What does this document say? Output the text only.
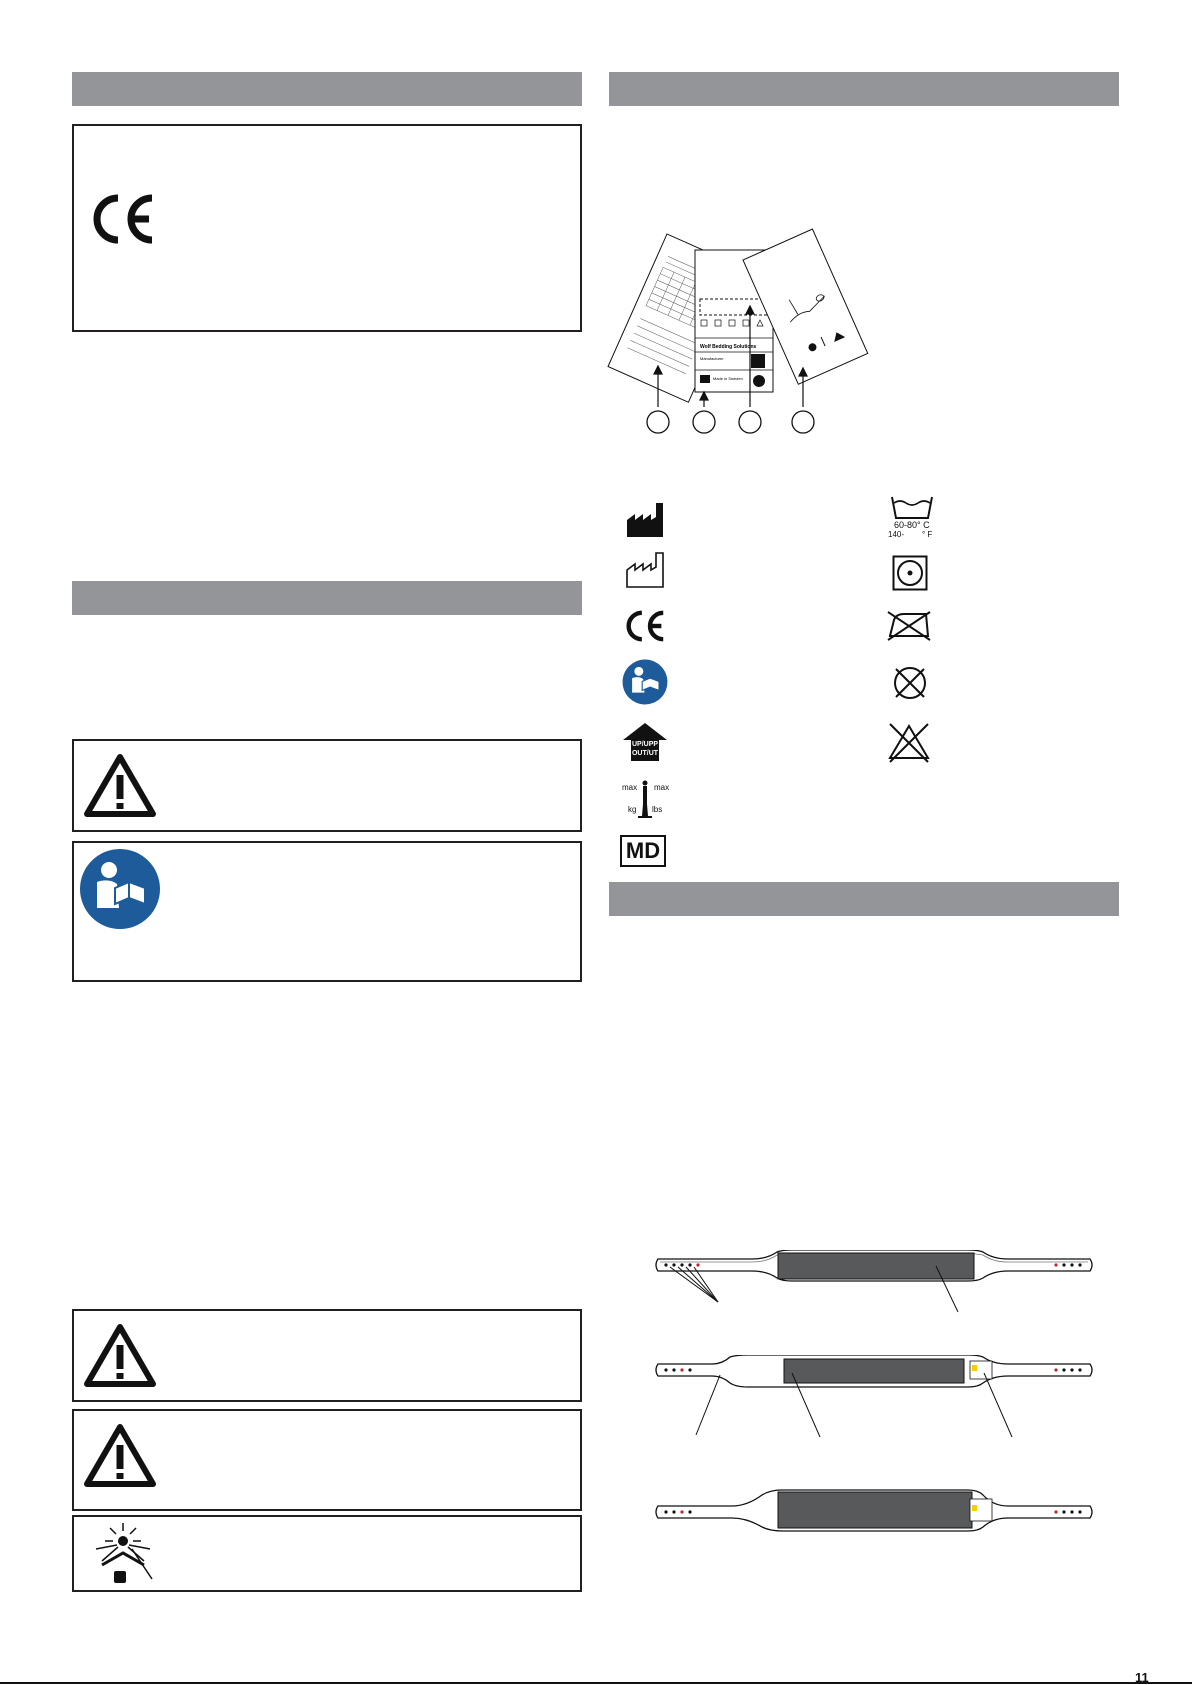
Wolf Bedding Solutions
Manufacturer
Made in Sweden
UP/UPP
OUT/UT
max max
kg lbs
MD
60-80° C
140- ° F
11
